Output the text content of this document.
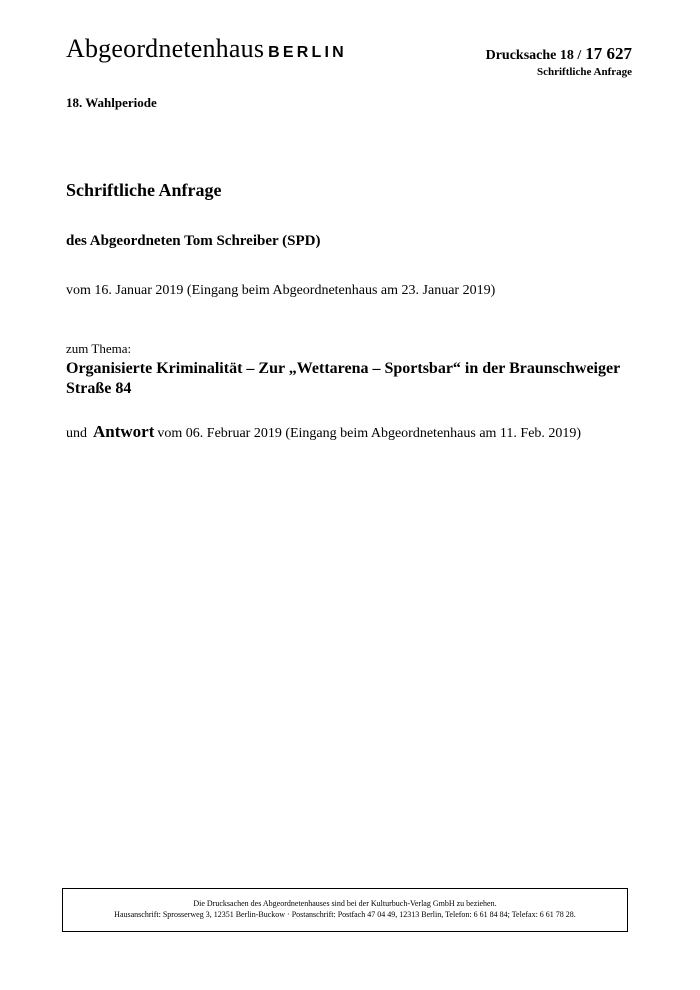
Abgeordnetenhaus BERLIN	Drucksache 18 / 17 627
Schriftliche Anfrage
18. Wahlperiode
Schriftliche Anfrage
des Abgeordneten Tom Schreiber (SPD)
vom 16. Januar 2019 (Eingang beim Abgeordnetenhaus am 23. Januar 2019)
zum Thema:
Organisierte Kriminalität – Zur „Wettarena – Sportsbar“ in der Braunschweiger Straße 84
und Antwort vom 06. Februar 2019 (Eingang beim Abgeordnetenhaus am 11. Feb. 2019)
Die Drucksachen des Abgeordnetenhauses sind bei der Kulturbuch-Verlag GmbH zu beziehen.
Hausanschrift: Sprosserweg 3, 12351 Berlin-Buckow · Postanschrift: Postfach 47 04 49, 12313 Berlin, Telefon: 6 61 84 84; Telefax: 6 61 78 28.
